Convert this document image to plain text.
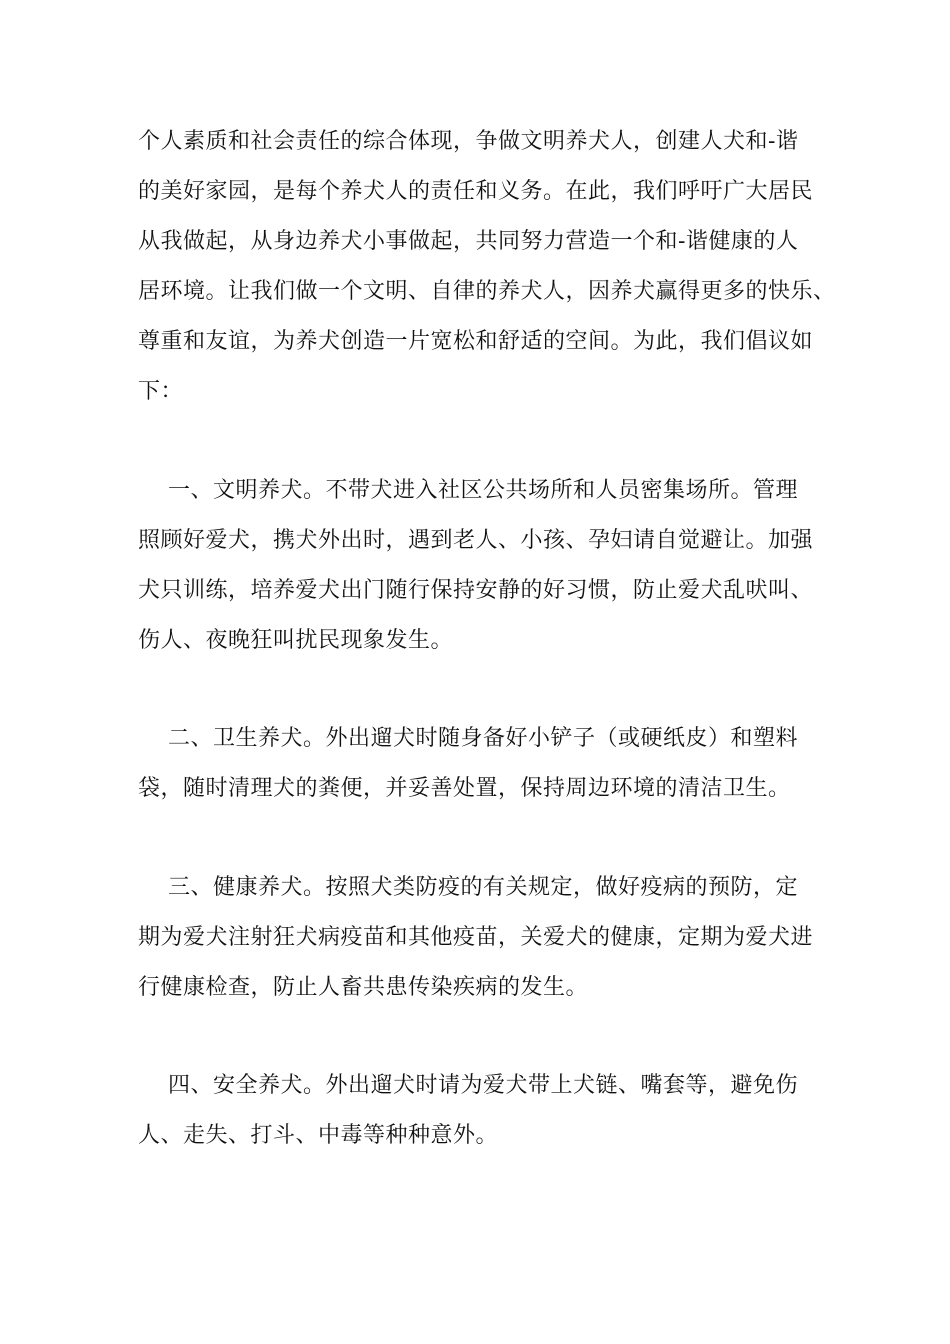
个人素质和社会责任的综合体现，争做文明养犬人，创建人犬和-谐
的美好家园，是每个养犬人的责任和义务。在此，我们呼吁广大居民
从我做起，从身边养犬小事做起，共同努力营造一个和-谐健康的人
居环境。让我们做一个文明、自律的养犬人，因养犬赢得更多的快乐、
尊重和友谊，为养犬创造一片宽松和舒适的空间。为此，我们倡议如
下：
一、文明养犬。不带犬进入社区公共场所和人员密集场所。管理
照顾好爱犬，携犬外出时，遇到老人、小孩、孕妇请自觉避让。加强
犬只训练，培养爱犬出门随行保持安静的好习惯，防止爱犬乱吠叫、
伤人、夜晚狂叫扰民现象发生。
二、卫生养犬。外出遛犬时随身备好小铲子（或硬纸皮）和塑料
袋，随时清理犬的粪便，并妥善处置，保持周边环境的清洁卫生。
三、健康养犬。按照犬类防疫的有关规定，做好疫病的预防，定
期为爱犬注射狂犬病疫苗和其他疫苗，关爱犬的健康，定期为爱犬进
行健康检查，防止人畜共患传染疾病的发生。
四、安全养犬。外出遛犬时请为爱犬带上犬链、嘴套等，避免伤
人、走失、打斗、中毒等种种意外。
